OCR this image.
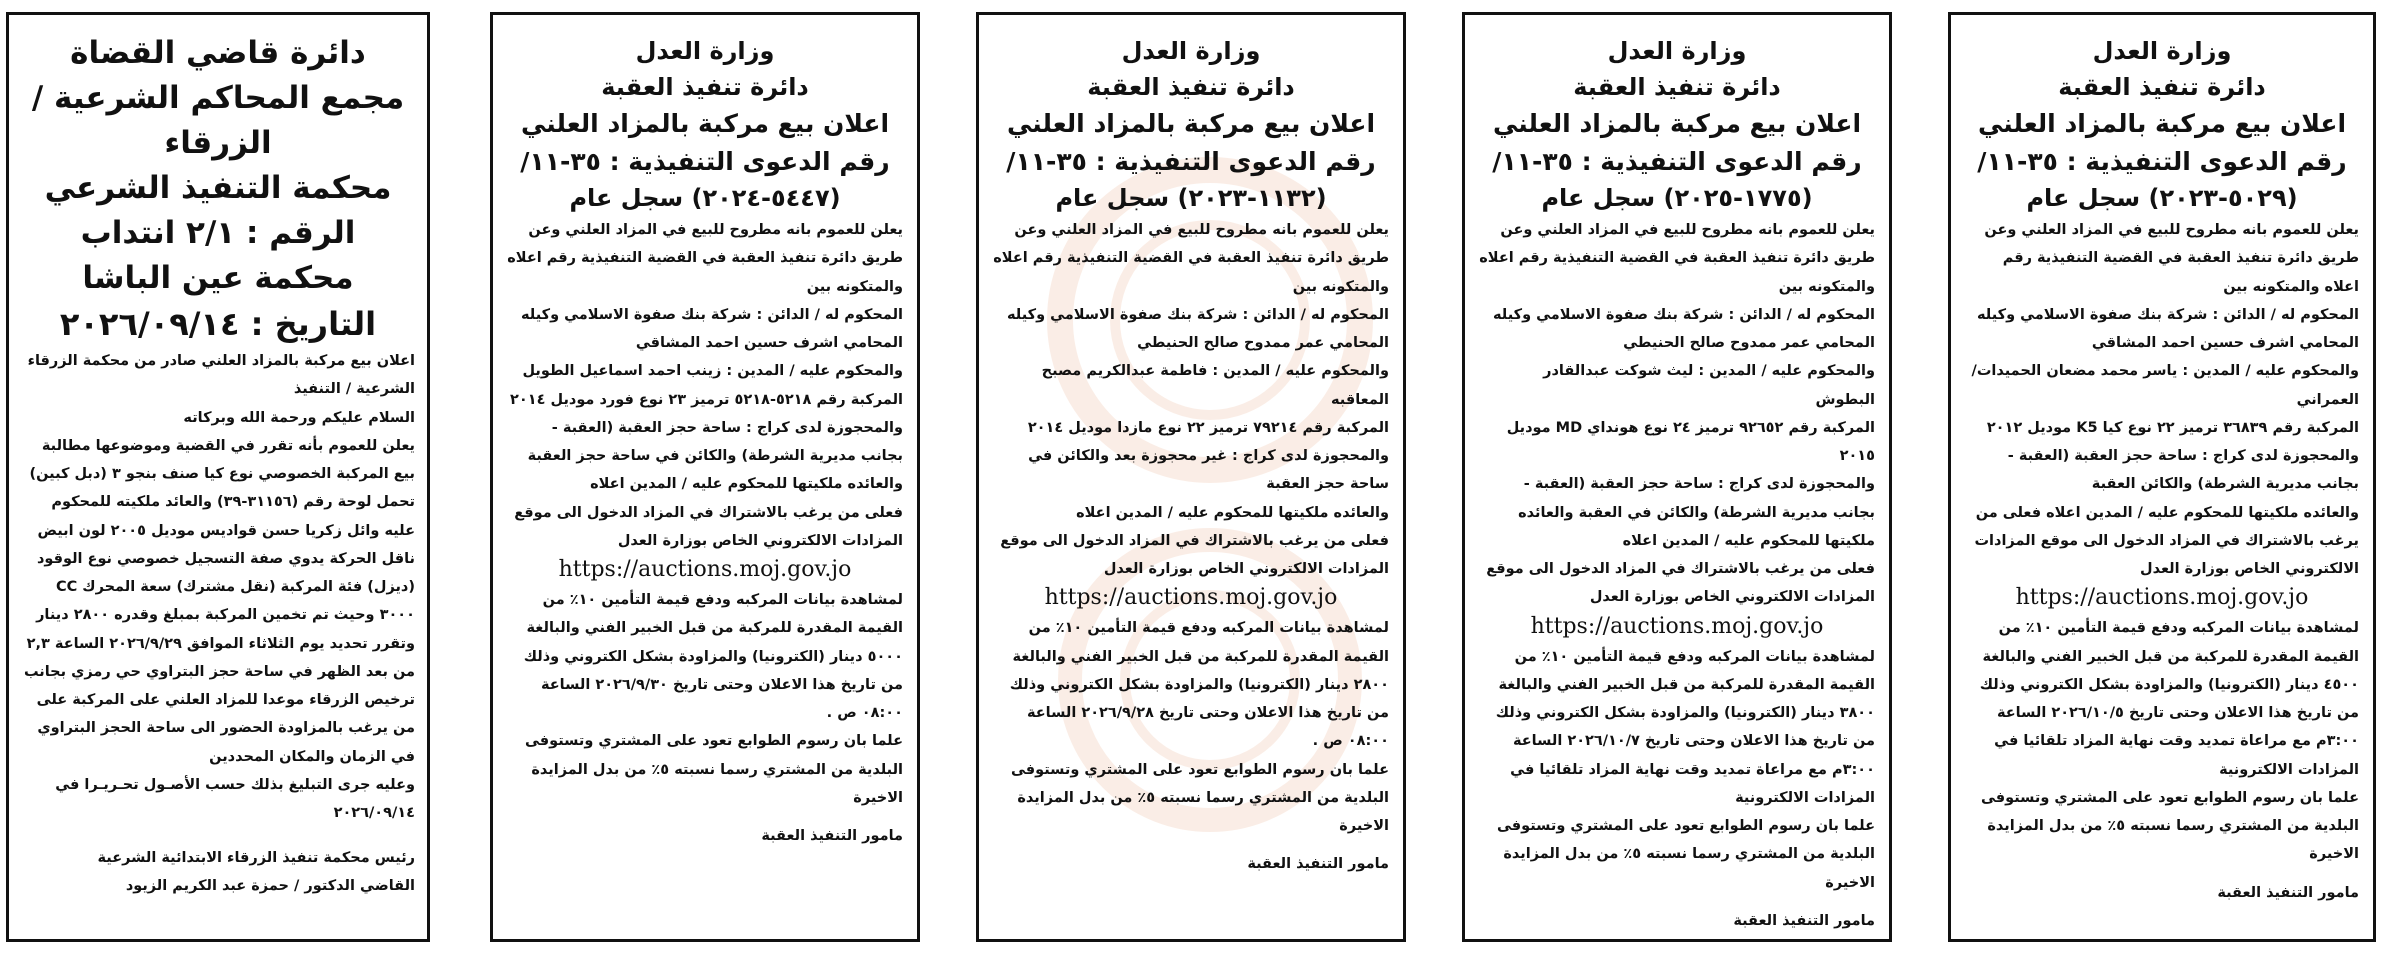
وزارة العدل
دائرة تنفيذ العقبة
اعلان بيع مركبة بالمزاد العلني
رقم الدعوى التنفيذية : ٣٥-١١/
(٥٠٢٩-٢٠٢٣) سجل عام

يعلن للعموم بانه مطروح للبيع في المزاد العلني وعن طريق دائرة تنفيذ العقبة في القضية التنفيذية رقم اعلاه والمتكونه بين

المحكوم له / الدائن : شركة بنك صفوة الاسلامي وكيله المحامي اشرف حسين احمد المشاقي

والمحكوم عليه / المدين : ياسر محمد مضعان الحميدات/ العمراني

المركبة رقم ٣٦٨٣٩ ترميز ٢٢ نوع كيا K5 موديل ٢٠١٢

والمحجوزة لدى كراج : ساحة حجز العقبة (العقبة - بجانب مديرية الشرطة) والكائن العقبة

والعائده ملكيتها للمحكوم عليه / المدين اعلاه فعلى من يرغب بالاشتراك في المزاد الدخول الى موقع المزادات الالكتروني الخاص بوزارة العدل

https://auctions.moj.gov.jo

لمشاهدة بيانات المركبه ودفع قيمة التأمين ١٠٪ من القيمة المقدرة للمركبة من قبل الخبير الفني والبالغة ٤٥٠٠ دينار (الكترونيا) والمزاودة بشكل الكتروني وذلك من تاريخ هذا الاعلان وحتى تاريخ ٢٠٢٦/١٠/٥ الساعة ٣:٠٠م مع مراعاة تمديد وقت نهاية المزاد تلقائيا في المزادات الالكترونية

علما بان رسوم الطوابع تعود على المشتري وتستوفى البلدية من المشتري رسما نسبته ٥٪ من بدل المزايدة الاخيرة

مامور التنفيذ العقبة

وزارة العدل
دائرة تنفيذ العقبة
اعلان بيع مركبة بالمزاد العلني
رقم الدعوى التنفيذية : ٣٥-١١/
(١٧٧٥-٢٠٢٥) سجل عام

يعلن للعموم بانه مطروح للبيع في المزاد العلني وعن طريق دائرة تنفيذ العقبة في القضية التنفيذية رقم اعلاه والمتكونه بين

المحكوم له / الدائن : شركة بنك صفوة الاسلامي وكيله المحامي عمر ممدوح صالح الحنيطي

والمحكوم عليه / المدين : ليث شوكت عبدالقادر البطوش

المركبة رقم ٩٢٦٥٢ ترميز ٢٤ نوع هونداي MD موديل ٢٠١٥

والمحجوزة لدى كراج : ساحة حجز العقبة (العقبة - بجانب مديرية الشرطة) والكائن في العقبة والعائده ملكيتها للمحكوم عليه / المدين اعلاه

فعلى من يرغب بالاشتراك في المزاد الدخول الى موقع المزادات الالكتروني الخاص بوزارة العدل

https://auctions.moj.gov.jo

لمشاهدة بيانات المركبه ودفع قيمة التأمين ١٠٪ من القيمة المقدرة للمركبة من قبل الخبير الفني والبالغة ٣٨٠٠ دينار (الكترونيا) والمزاودة بشكل الكتروني وذلك من تاريخ هذا الاعلان وحتى تاريخ ٢٠٢٦/١٠/٧ الساعة ٣:٠٠م مع مراعاة تمديد وقت نهاية المزاد تلقائيا في المزادات الالكترونية

علما بان رسوم الطوابع تعود على المشتري وتستوفى البلدية من المشتري رسما نسبته ٥٪ من بدل المزايدة الاخيرة

مامور التنفيذ العقبة

وزارة العدل
دائرة تنفيذ العقبة
اعلان بيع مركبة بالمزاد العلني
رقم الدعوى التنفيذية : ٣٥-١١/
(١١٣٢-٢٠٢٣) سجل عام

يعلن للعموم بانه مطروح للبيع في المزاد العلني وعن طريق دائرة تنفيذ العقبة في القضية التنفيذية رقم اعلاه والمتكونه بين

المحكوم له / الدائن : شركة بنك صفوة الاسلامي وكيله المحامي عمر ممدوح صالح الحنيطي

والمحكوم عليه / المدين : فاطمة عبدالكريم مصبح المعاقبه

المركبة رقم ٧٩٢١٤ ترميز ٢٢ نوع مازدا موديل ٢٠١٤

والمحجوزة لدى كراج : غير محجوزة بعد والكائن في ساحة حجز العقبة

والعائده ملكيتها للمحكوم عليه / المدين اعلاه

فعلى من يرغب بالاشتراك في المزاد الدخول الى موقع المزادات الالكتروني الخاص بوزارة العدل

https://auctions.moj.gov.jo

لمشاهدة بيانات المركبه ودفع قيمة التأمين ١٠٪ من القيمة المقدرة للمركبة من قبل الخبير الفني والبالغة ٢٨٠٠ دينار (الكترونيا) والمزاودة بشكل الكتروني وذلك من تاريخ هذا الاعلان وحتى تاريخ ٢٠٢٦/٩/٢٨ الساعة ٠٨:٠٠ ص .

علما بان رسوم الطوابع تعود على المشتري وتستوفى البلدية من المشتري رسما نسبته ٥٪ من بدل المزايدة الاخيرة

مامور التنفيذ العقبة

وزارة العدل
دائرة تنفيذ العقبة
اعلان بيع مركبة بالمزاد العلني
رقم الدعوى التنفيذية : ٣٥-١١/
(٥٤٤٧-٢٠٢٤) سجل عام

يعلن للعموم بانه مطروح للبيع في المزاد العلني وعن طريق دائرة تنفيذ العقبة في القضية التنفيذية رقم اعلاه والمتكونه بين

المحكوم له / الدائن : شركة بنك صفوة الاسلامي وكيله المحامي اشرف حسين احمد المشاقي

والمحكوم عليه / المدين : زينب احمد اسماعيل الطويل

المركبة رقم ٥٢١٨-٥٢١٨ ترميز ٢٣ نوع فورد موديل ٢٠١٤

والمحجوزة لدى كراج : ساحة حجز العقبة (العقبة - بجانب مديرية الشرطة) والكائن في ساحة حجز العقبة

والعائده ملكيتها للمحكوم عليه / المدين اعلاه

فعلى من يرغب بالاشتراك في المزاد الدخول الى موقع المزادات الالكتروني الخاص بوزارة العدل

https://auctions.moj.gov.jo

لمشاهدة بيانات المركبه ودفع قيمة التأمين ١٠٪ من القيمة المقدرة للمركبة من قبل الخبير الفني والبالغة ٥٠٠٠ دينار (الكترونيا) والمزاودة بشكل الكتروني وذلك من تاريخ هذا الاعلان وحتى تاريخ ٢٠٢٦/٩/٣٠ الساعة ٠٨:٠٠ ص .

علما بان رسوم الطوابع تعود على المشتري وتستوفى البلدية من المشتري رسما نسبته ٥٪ من بدل المزايدة الاخيرة

مامور التنفيذ العقبة

دائرة قاضي القضاة
مجمع المحاكم الشرعية /
الزرقاء
محكمة التنفيذ الشرعي
الرقم : ٢/١ انتداب
محكمة عين الباشا
التاريخ : ٢٠٢٦/٠٩/١٤

اعلان بيع مركبة بالمزاد العلني صادر من محكمة الزرقاء الشرعية / التنفيذ

السلام عليكم ورحمة الله وبركاته

يعلن للعموم بأنه تقرر في القضية وموضوعها مطالبة بيع المركبة الخصوصي نوع كيا صنف بنجو ٣ (دبل كبين) تحمل لوحة رقم (٣١١٥٦-٣٩) والعائد ملكيته للمحكوم عليه وائل زكريا حسن قواديس موديل ٢٠٠٥ لون ابيض ناقل الحركة يدوي صفة التسجيل خصوصي نوع الوقود (ديزل) فئة المركبة (نقل مشترك) سعة المحرك CC ٣٠٠٠ وحيث تم تخمين المركبة بمبلغ وقدره ٢٨٠٠ دينار وتقرر تحديد يوم الثلاثاء الموافق ٢٠٢٦/٩/٢٩ الساعة ٢,٣ من بعد الظهر في ساحة حجز البتراوي حي رمزي بجانب ترخيص الزرقاء موعدا للمزاد العلني على المركبة على من يرغب بالمزاودة الحضور الى ساحة الحجز البتراوي في الزمان والمكان المحددين

وعليه جرى التبليغ بذلك حسب الأصـول تحـريـرا في ٢٠٢٦/٠٩/١٤

رئيس محكمة تنفيذ الزرقاء الابتدائية الشرعية

القاضي الدكتور / حمزة عبد الكريم الزيود
